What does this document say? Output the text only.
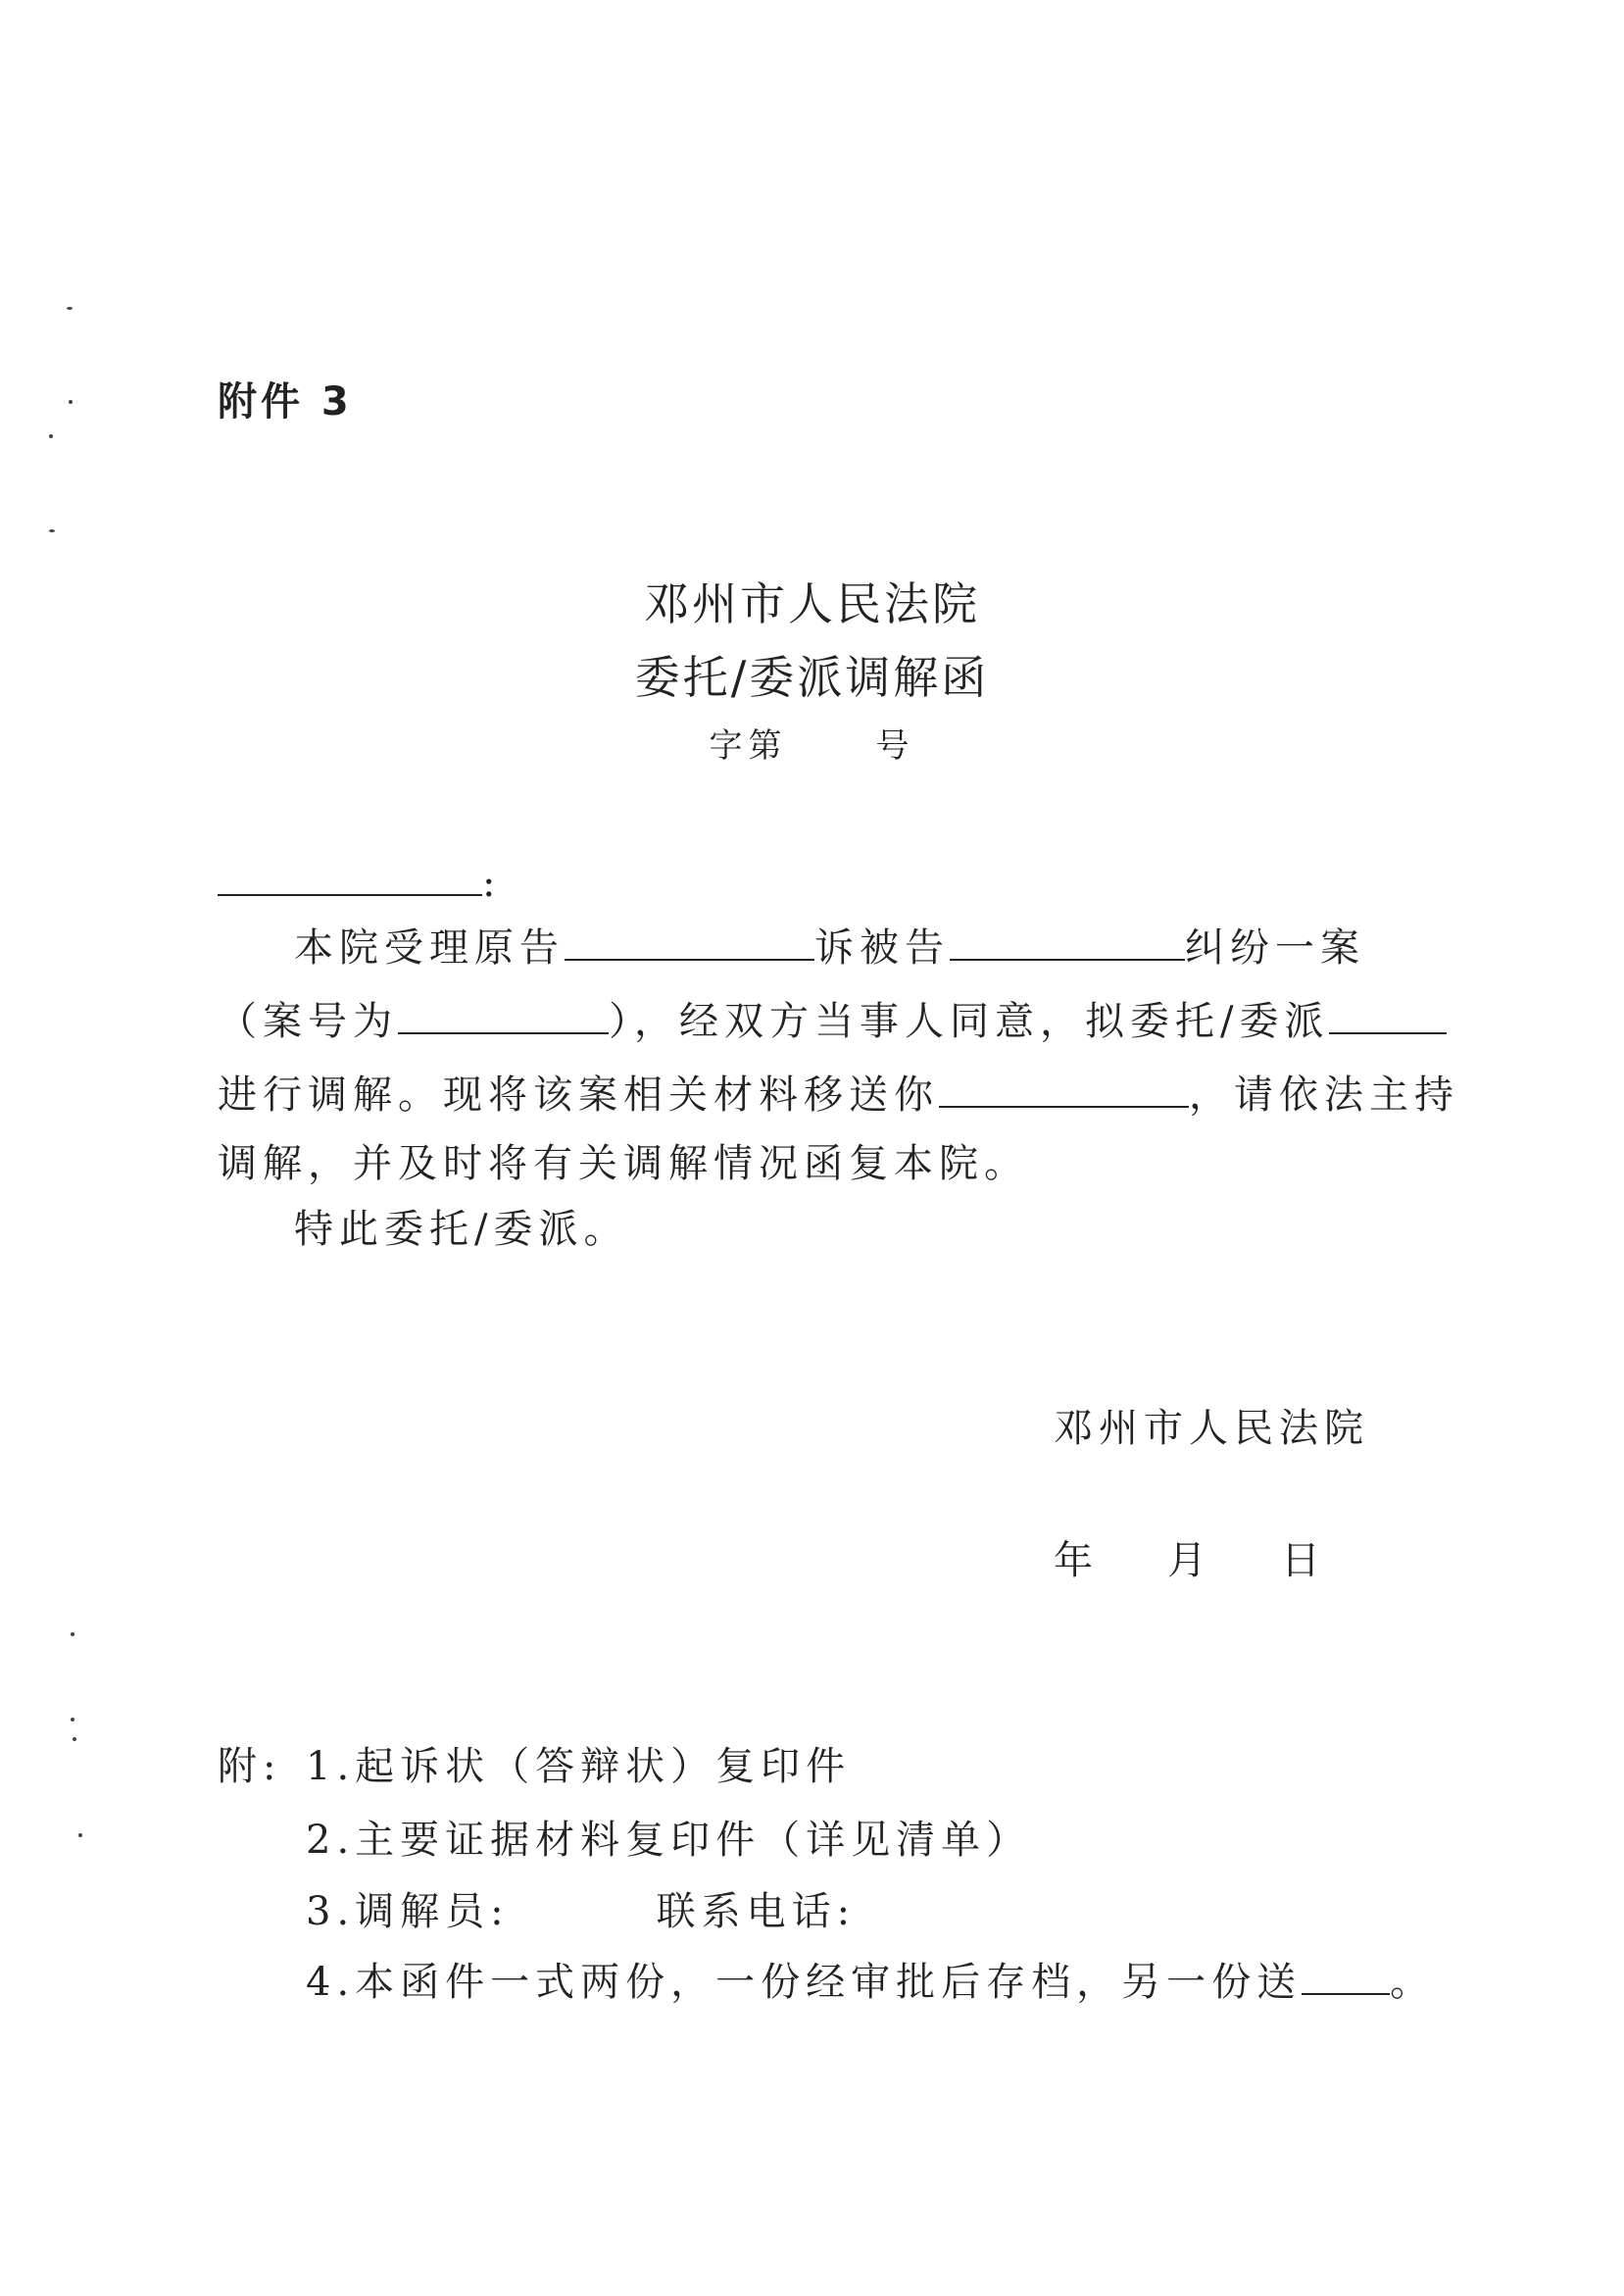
附件 3
邓州市人民法院
委托/委派调解函
字第	号
:
本院受理原告	诉被告	纠纷一案
（案号为	），经双方当事人同意，拟委托/委派
进行调解。现将该案相关材料移送你	，请依法主持
调解，并及时将有关调解情况函复本院。
特此委托/委派。
邓州市人民法院
年 月 日
附: 1.起诉状（答辩状）复印件
2.主要证据材料复印件（详见清单）
3.调解员:	联系电话:
4.本函件一式两份，一份经审批后存档，另一份送 。
